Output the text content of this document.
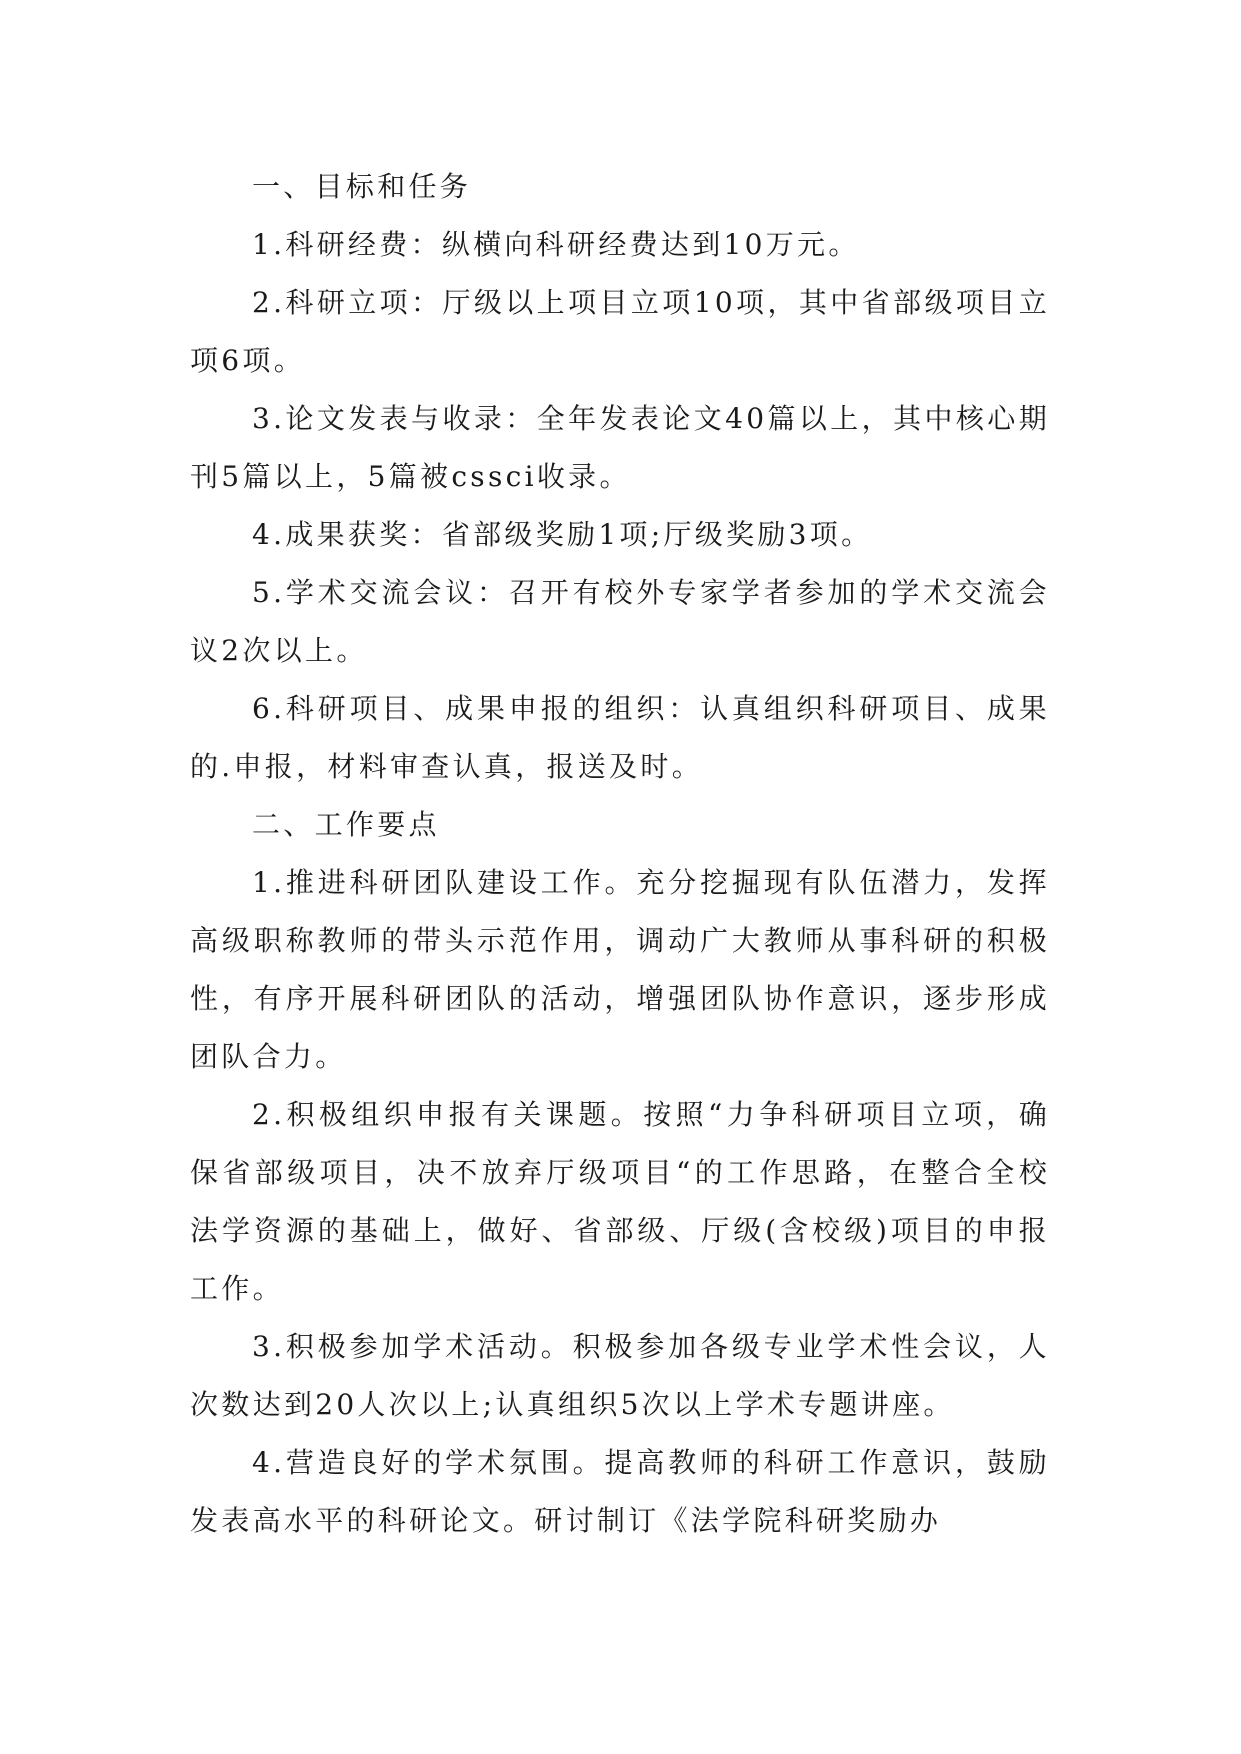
一、目标和任务

1.科研经费：纵横向科研经费达到10万元。

2.科研立项：厅级以上项目立项10项，其中省部级项目立项6项。

3.论文发表与收录：全年发表论文40篇以上，其中核心期刊5篇以上，5篇被cssci收录。

4.成果获奖：省部级奖励1项;厅级奖励3项。

5.学术交流会议：召开有校外专家学者参加的学术交流会议2次以上。

6.科研项目、成果申报的组织：认真组织科研项目、成果的.申报，材料审查认真，报送及时。

二、工作要点

1.推进科研团队建设工作。充分挖掘现有队伍潜力，发挥高级职称教师的带头示范作用，调动广大教师从事科研的积极性，有序开展科研团队的活动，增强团队协作意识，逐步形成团队合力。

2.积极组织申报有关课题。按照“力争科研项目立项，确保省部级项目，决不放弃厅级项目“的工作思路，在整合全校法学资源的基础上，做好、省部级、厅级(含校级)项目的申报工作。

3.积极参加学术活动。积极参加各级专业学术性会议，人次数达到20人次以上;认真组织5次以上学术专题讲座。

4.营造良好的学术氛围。提高教师的科研工作意识，鼓励发表高水平的科研论文。研讨制订《法学院科研奖励办
